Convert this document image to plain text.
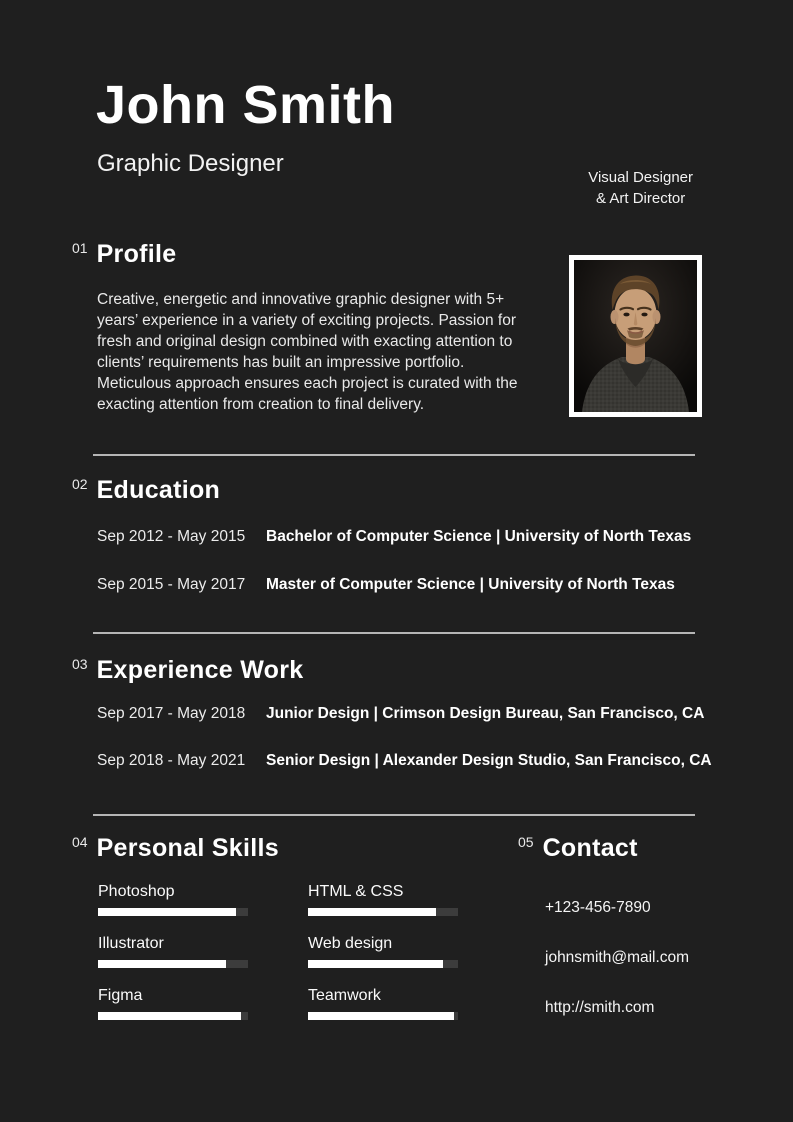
John Smith
Graphic Designer
Visual Designer
& Art Director
01 Profile
Creative, energetic and innovative graphic designer with 5+ years’ experience in a variety of exciting projects. Passion for fresh and original design combined with exacting attention to clients’ requirements has built an impressive portfolio. Meticulous approach ensures each project is curated with the exacting attention from creation to final delivery.
02 Education
Sep 2012 - May 2015 Bachelor of Computer Science | University of North Texas
Sep 2015 - May 2017 Master of Computer Science | University of North Texas
03 Experience Work
Sep 2017 - May 2018 Junior Design | Crimson Design Bureau, San Francisco, CA
Sep 2018 - May 2021 Senior Design | Alexander Design Studio, San Francisco, CA
04 Personal Skills
Photoshop	HTML & CSS
Illustrator	Web design
Figma	Teamwork
05 Contact
+123-456-7890
johnsmith@mail.com
http://smith.com
